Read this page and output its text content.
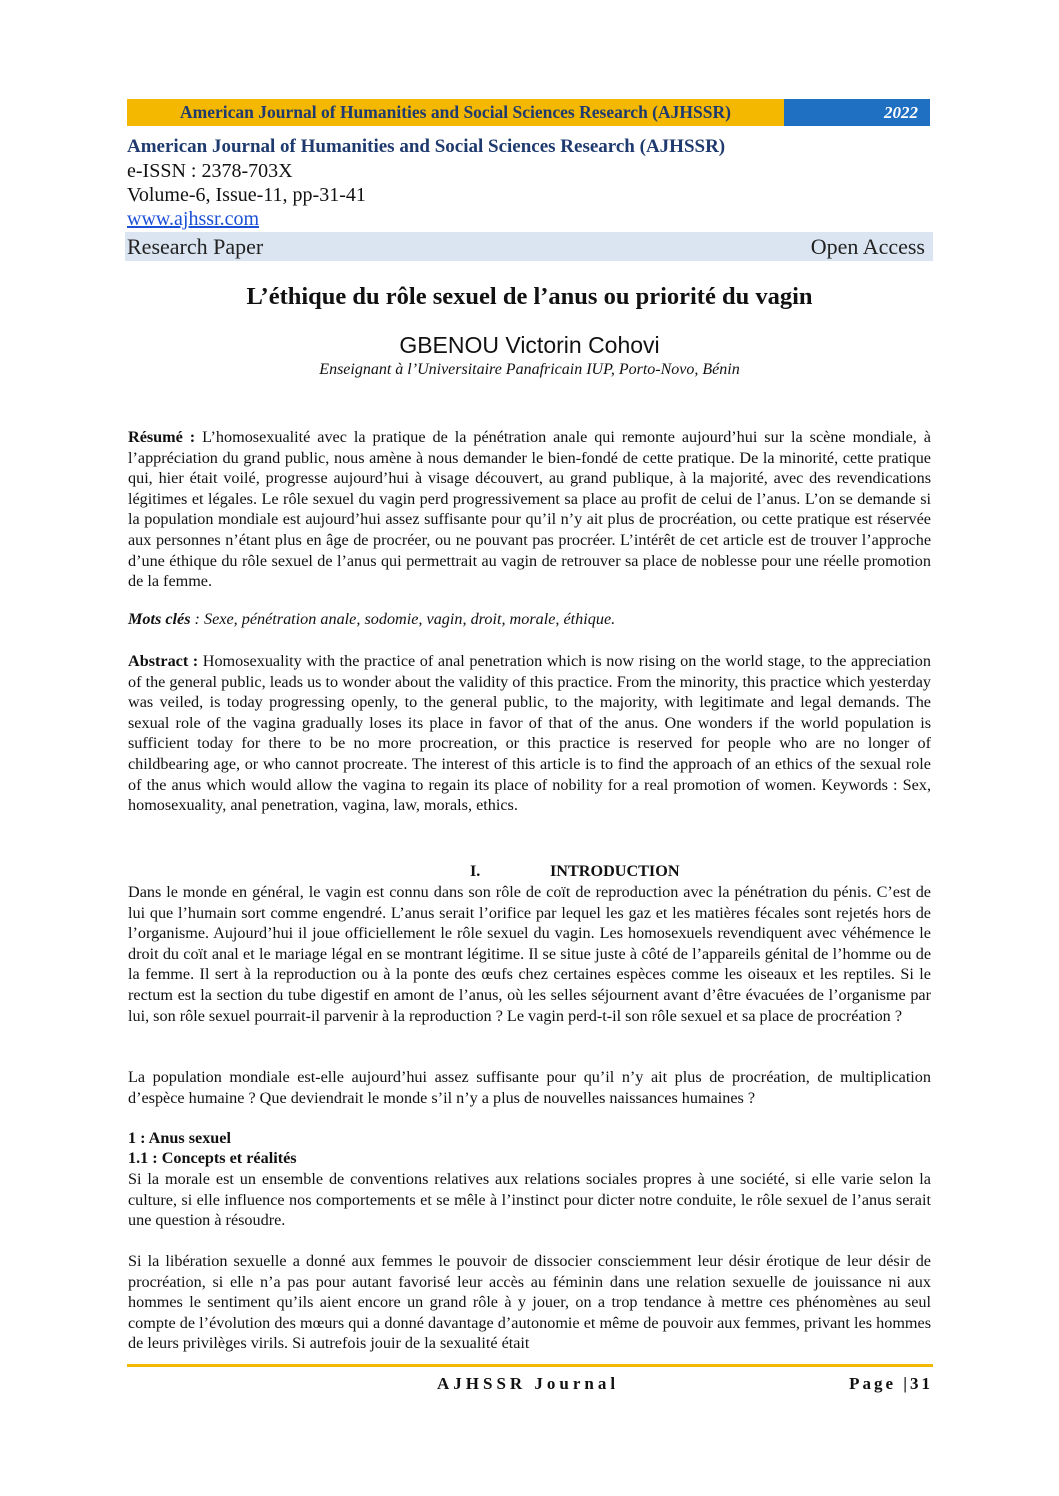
American Journal of Humanities and Social Sciences Research (AJHSSR)	2022
American Journal of Humanities and Social Sciences Research (AJHSSR)
e-ISSN : 2378-703X
Volume-6, Issue-11, pp-31-41
www.ajhssr.com
Research Paper	Open Access
L’éthique du rôle sexuel de l’anus ou priorité du vagin
GBENOU Victorin Cohovi
Enseignant à l’Universitaire Panafricain IUP, Porto-Novo, Bénin
Résumé : L’homosexualité avec la pratique de la pénétration anale qui remonte aujourd’hui sur la scène mondiale, à l’appréciation du grand public, nous amène à nous demander le bien-fondé de cette pratique. De la minorité, cette pratique qui, hier était voilé, progresse aujourd’hui à visage découvert, au grand publique, à la majorité, avec des revendications légitimes et légales. Le rôle sexuel du vagin perd progressivement sa place au profit de celui de l’anus. L’on se demande si la population mondiale est aujourd’hui assez suffisante pour qu’il n’y ait plus de procréation, ou cette pratique est réservée aux personnes n’étant plus en âge de procréer, ou ne pouvant pas procréer. L’intérêt de cet article est de trouver l’approche d’une éthique du rôle sexuel de l’anus qui permettrait au vagin de retrouver sa place de noblesse pour une réelle promotion de la femme.
Mots clés : Sexe, pénétration anale, sodomie, vagin, droit, morale, éthique.
Abstract : Homosexuality with the practice of anal penetration which is now rising on the world stage, to the appreciation of the general public, leads us to wonder about the validity of this practice. From the minority, this practice which yesterday was veiled, is today progressing openly, to the general public, to the majority, with legitimate and legal demands. The sexual role of the vagina gradually loses its place in favor of that of the anus. One wonders if the world population is sufficient today for there to be no more procreation, or this practice is reserved for people who are no longer of childbearing age, or who cannot procreate. The interest of this article is to find the approach of an ethics of the sexual role of the anus which would allow the vagina to regain its place of nobility for a real promotion of women. Keywords : Sex, homosexuality, anal penetration, vagina, law, morals, ethics.
I.	INTRODUCTION
Dans le monde en général, le vagin est connu dans son rôle de coït de reproduction avec la pénétration du pénis. C’est de lui que l’humain sort comme engendré. L’anus serait l’orifice par lequel les gaz et les matières fécales sont rejetés hors de l’organisme. Aujourd’hui il joue officiellement le rôle sexuel du vagin. Les homosexuels revendiquent avec véhémence le droit du coït anal et le mariage légal en se montrant légitime. Il se situe juste à côté de l’appareils génital de l’homme ou de la femme. Il sert à la reproduction ou à la ponte des œufs chez certaines espèces comme les oiseaux et les reptiles. Si le rectum est la section du tube digestif en amont de l’anus, où les selles séjournent avant d’être évacuées de l’organisme par lui, son rôle sexuel pourrait-il parvenir à la reproduction ? Le vagin perd-t-il son rôle sexuel et sa place de procréation ?
La population mondiale est-elle aujourd’hui assez suffisante pour qu’il n’y ait plus de procréation, de multiplication d’espèce humaine ? Que deviendrait le monde s’il n’y a plus de nouvelles naissances humaines ?
1 : Anus sexuel
1.1 : Concepts et réalités
Si la morale est un ensemble de conventions relatives aux relations sociales propres à une société, si elle varie selon la culture, si elle influence nos comportements et se mêle à l’instinct pour dicter notre conduite, le rôle sexuel de l’anus serait une question à résoudre.
Si la libération sexuelle a donné aux femmes le pouvoir de dissocier consciemment leur désir érotique de leur désir de procréation, si elle n’a pas pour autant favorisé leur accès au féminin dans une relation sexuelle de jouissance ni aux hommes le sentiment qu’ils aient encore un grand rôle à y jouer, on a trop tendance à mettre ces phénomènes au seul compte de l’évolution des mœurs qui a donné davantage d’autonomie et même de pouvoir aux femmes, privant les hommes de leurs privilèges virils. Si autrefois jouir de la sexualité était
AJHSSR Journal	Page |31
